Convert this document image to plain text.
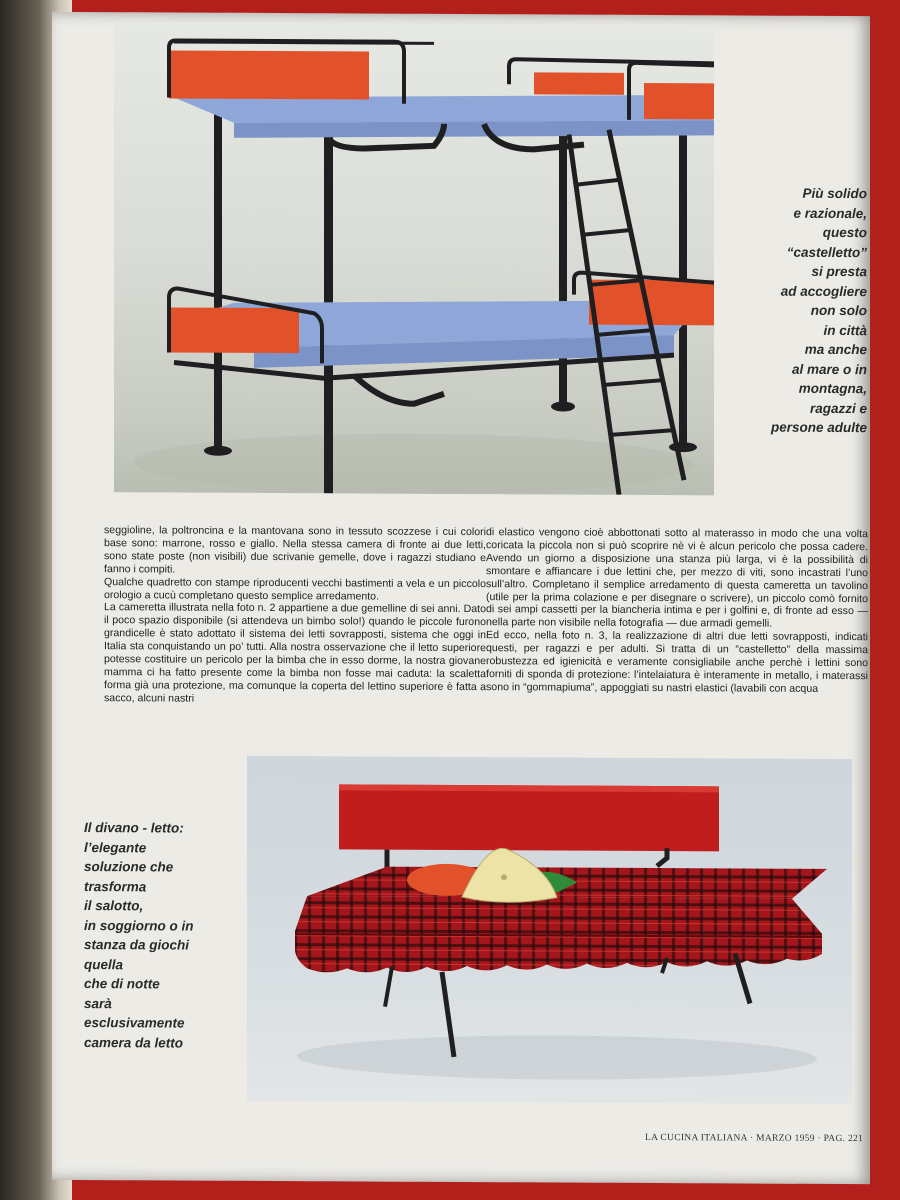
Più solido
e razionale,
questo
“castelletto”
si presta
ad accogliere
non solo
in città
ma anche
al mare o in
montagna,
ragazzi e
persone adulte

seggioline, la poltroncina e la mantovana sono in tessuto scozzese i cui colori base sono: marrone, rosso e giallo. Nella stessa camera di fronte ai due letti, sono state poste (non visibili) due scrivanie gemelle, dove i ragazzi studiano e fanno i compiti.

Qualche quadretto con stampe riproducenti vecchi bastimenti a vela e un piccolo orologio a cucù completano questo semplice arredamento.

La cameretta illustrata nella foto n. 2 appartiene a due gemelline di sei anni. Dato il poco spazio disponibile (si attendeva un bimbo solo!) quando le piccole furono grandicelle è stato adottato il sistema dei letti sovrapposti, sistema che oggi in Italia sta conquistando un po’ tutti. Alla nostra osservazione che il letto superiore potesse costituire un pericolo per la bimba che in esso dorme, la nostra giovane mamma ci ha fatto presente come la bimba non fosse mai caduta: la scaletta forma già una protezione, ma comunque la coperta del lettino superiore è fatta a sacco, alcuni nastri

di elastico vengono cioè abbottonati sotto al materasso in modo che una volta coricata la piccola non si può scoprire nè vi è alcun pericolo che possa cadere. Avendo un giorno a disposizione una stanza più larga, vi è la possibilità di smontare e affiancare i due lettini che, per mezzo di viti, sono incastrati l’uno sull’altro. Completano il semplice arredamento di questa cameretta un tavolino (utile per la prima colazione e per disegnare o scrivere), un piccolo comò fornito di sei ampi cassetti per la biancheria intima e per i golfini e, di fronte ad esso — nella parte non visibile nella fotografia — due armadi gemelli.

Ed ecco, nella foto n. 3, la realizzazione di altri due letti sovrapposti, indicati questi, per ragazzi e per adulti. Si tratta di un “castelletto” della massima robustezza ed igienicità e veramente consigliabile anche perchè i lettini sono forniti di sponda di protezione: l’intelaiatura è interamente in metallo, i materassi sono in “gommapiuma”, appoggiati su nastri elastici (lavabili con acqua

Il divano - letto:
l’elegante
soluzione che
trasforma
il salotto,
in soggiorno o in
stanza da giochi
quella
che di notte
sarà
esclusivamente
camera da letto
LA CUCINA ITALIANA · MARZO 1959 · PAG. 221
